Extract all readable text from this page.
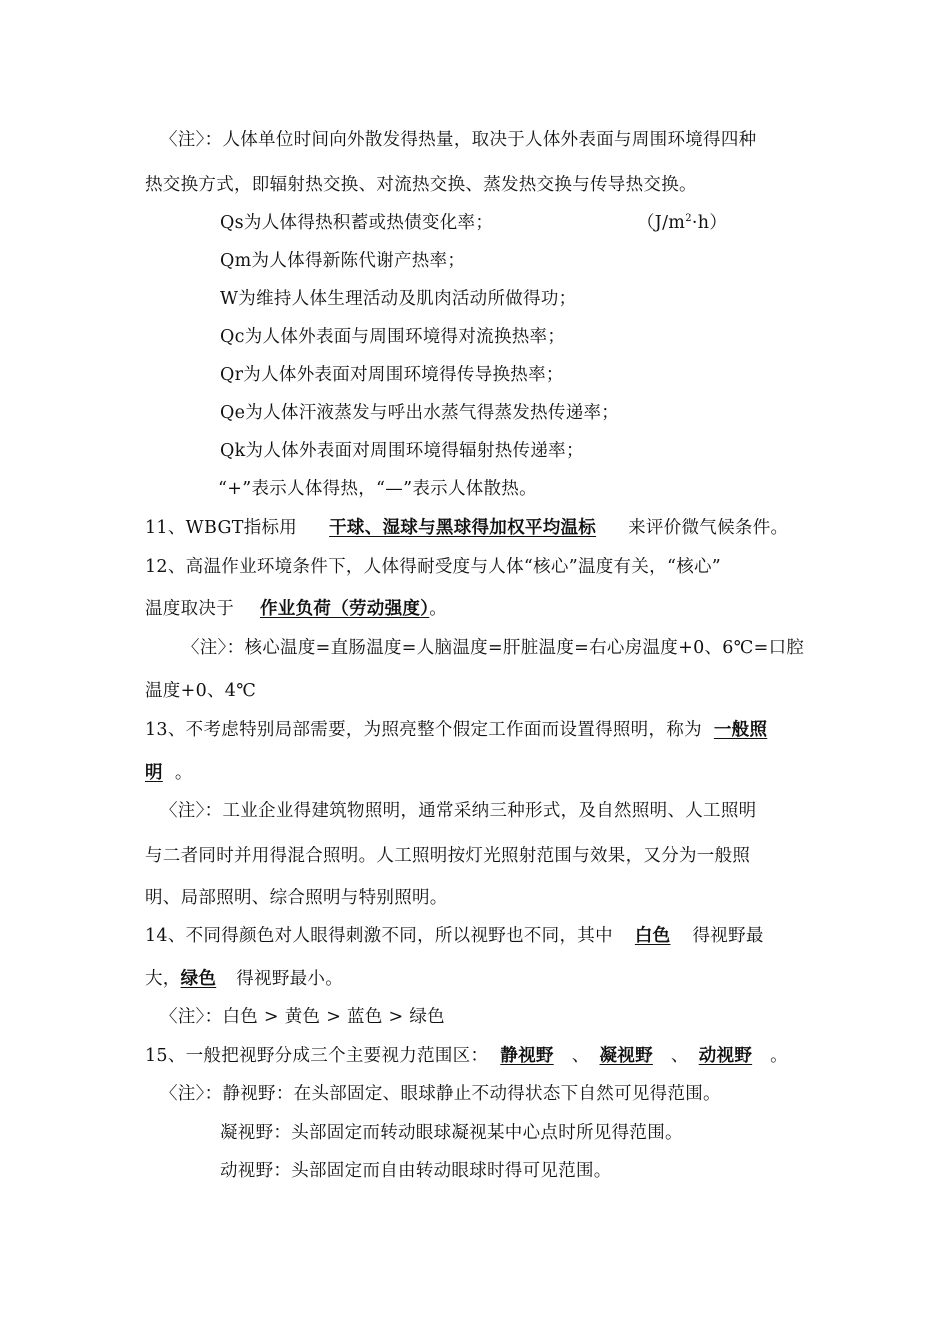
〈注〉：人体单位时间向外散发得热量，取决于人体外表面与周围环境得四种
热交换方式，即辐射热交换、对流热交换、蒸发热交换与传导热交换。
Qs为人体得热积蓄或热债变化率；	$(J/m^2\cdot h)$
Qm为人体得新陈代谢产热率；
W为维持人体生理活动及肌肉活动所做得功；
Qc为人体外表面与周围环境得对流换热率；
Qr为人体外表面对周围环境得传导换热率；
Qe为人体汗液蒸发与呼出水蒸气得蒸发热传递率；
Qk为人体外表面对周围环境得辐射热传递率；
“+”表示人体得热，“—”表示人体散热。
11、WBGT指标用 干球、湿球与黑球得加权平均温标 来评价微气候条件。
12、高温作业环境条件下，人体得耐受度与人体“核心”温度有关，“核心”
温度取决于 作业负荷（劳动强度）。
〈注〉：核心温度=直肠温度=人脑温度=肝脏温度=右心房温度+0、6℃=口腔
温度+0、4℃
13、不考虑特别局部需要，为照亮整个假定工作面而设置得照明，称为 一般照
明 。
〈注〉：工业企业得建筑物照明，通常采纳三种形式，及自然照明、人工照明
与二者同时并用得混合照明。人工照明按灯光照射范围与效果，又分为一般照
明、局部照明、综合照明与特别照明。
14、不同得颜色对人眼得刺激不同，所以视野也不同，其中 白色 得视野最
大，绿色 得视野最小。
〈注〉：白色 > 黄色 > 蓝色 > 绿色
15、一般把视野分成三个主要视力范围区： 静视野 、 凝视野 、 动视野 。
〈注〉：静视野：在头部固定、眼球静止不动得状态下自然可见得范围。
凝视野：头部固定而转动眼球凝视某中心点时所见得范围。
动视野：头部固定而自由转动眼球时得可见范围。
